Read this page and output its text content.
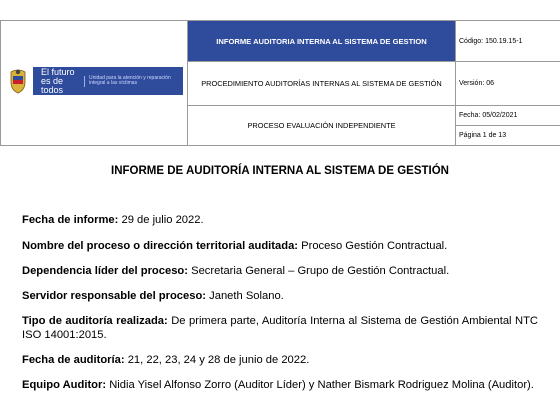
El futuro es de todos
Unidad para la atención y reparación integral a las víctimas
INFORME AUDITORIA INTERNA AL SISTEMA DE GESTION	Código: 150.19.15-1
PROCEDIMIENTO AUDITORÍAS INTERNAS AL SISTEMA DE GESTIÓN	Versión: 06
PROCESO EVALUACIÓN INDEPENDIENTE
Fecha: 05/02/2021
Página 1 de 13
INFORME DE AUDITORÍA INTERNA AL SISTEMA DE GESTIÓN
Fecha de informe: 29 de julio 2022.
Nombre del proceso o dirección territorial auditada: Proceso Gestión Contractual.
Dependencia líder del proceso: Secretaria General – Grupo de Gestión Contractual.
Servidor responsable del proceso: Janeth Solano.
Tipo de auditoría realizada: De primera parte, Auditoría Interna al Sistema de Gestión Ambiental NTC ISO 14001:2015.
Fecha de auditoría: 21, 22, 23, 24 y 28 de junio de 2022.
Equipo Auditor: Nidia Yisel Alfonso Zorro (Auditor Líder) y Nather Bismark Rodriguez Molina (Auditor).
